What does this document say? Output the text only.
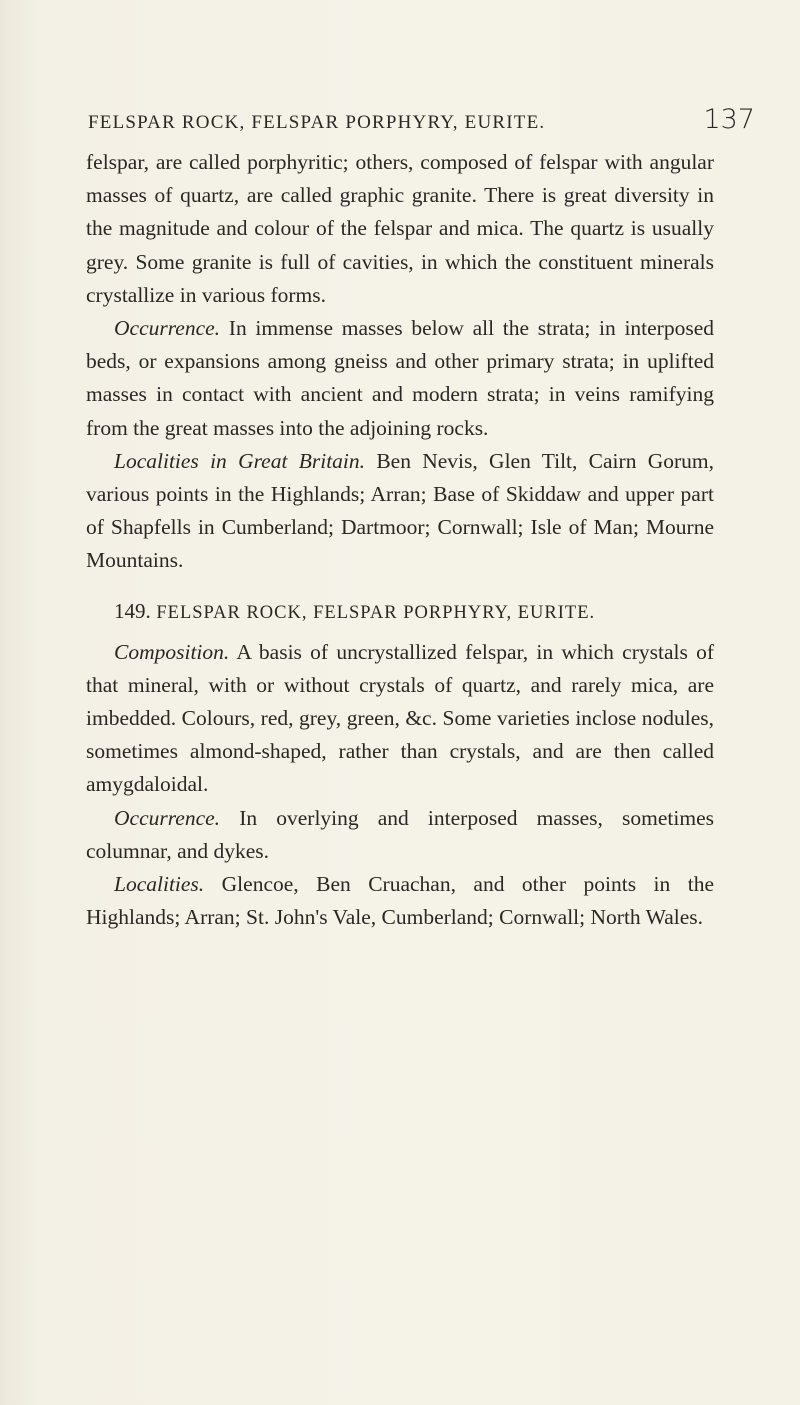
FELSPAR ROCK, FELSPAR PORPHYRY, EURITE.	137

felspar, are called porphyritic; others, composed of felspar with angular masses of quartz, are called graphic granite. There is great diversity in the magnitude and colour of the felspar and mica. The quartz is usually grey. Some granite is full of cavities, in which the constituent minerals crystallize in various forms.

Occurrence. In immense masses below all the strata; in interposed beds, or expansions among gneiss and other primary strata; in uplifted masses in contact with ancient and modern strata; in veins ramifying from the great masses into the adjoining rocks.

Localities in Great Britain. Ben Nevis, Glen Tilt, Cairn Gorum, various points in the Highlands; Arran; Base of Skiddaw and upper part of Shapfells in Cumberland; Dartmoor; Cornwall; Isle of Man; Mourne Mountains.

149. FELSPAR ROCK, FELSPAR PORPHYRY, EURITE.

Composition. A basis of uncrystallized felspar, in which crystals of that mineral, with or without crystals of quartz, and rarely mica, are imbedded. Colours, red, grey, green, &c. Some varieties inclose nodules, sometimes almond-shaped, rather than crystals, and are then called amygdaloidal.

Occurrence. In overlying and interposed masses, sometimes columnar, and dykes.

Localities. Glencoe, Ben Cruachan, and other points in the Highlands; Arran; St. John's Vale, Cumberland; Cornwall; North Wales.
